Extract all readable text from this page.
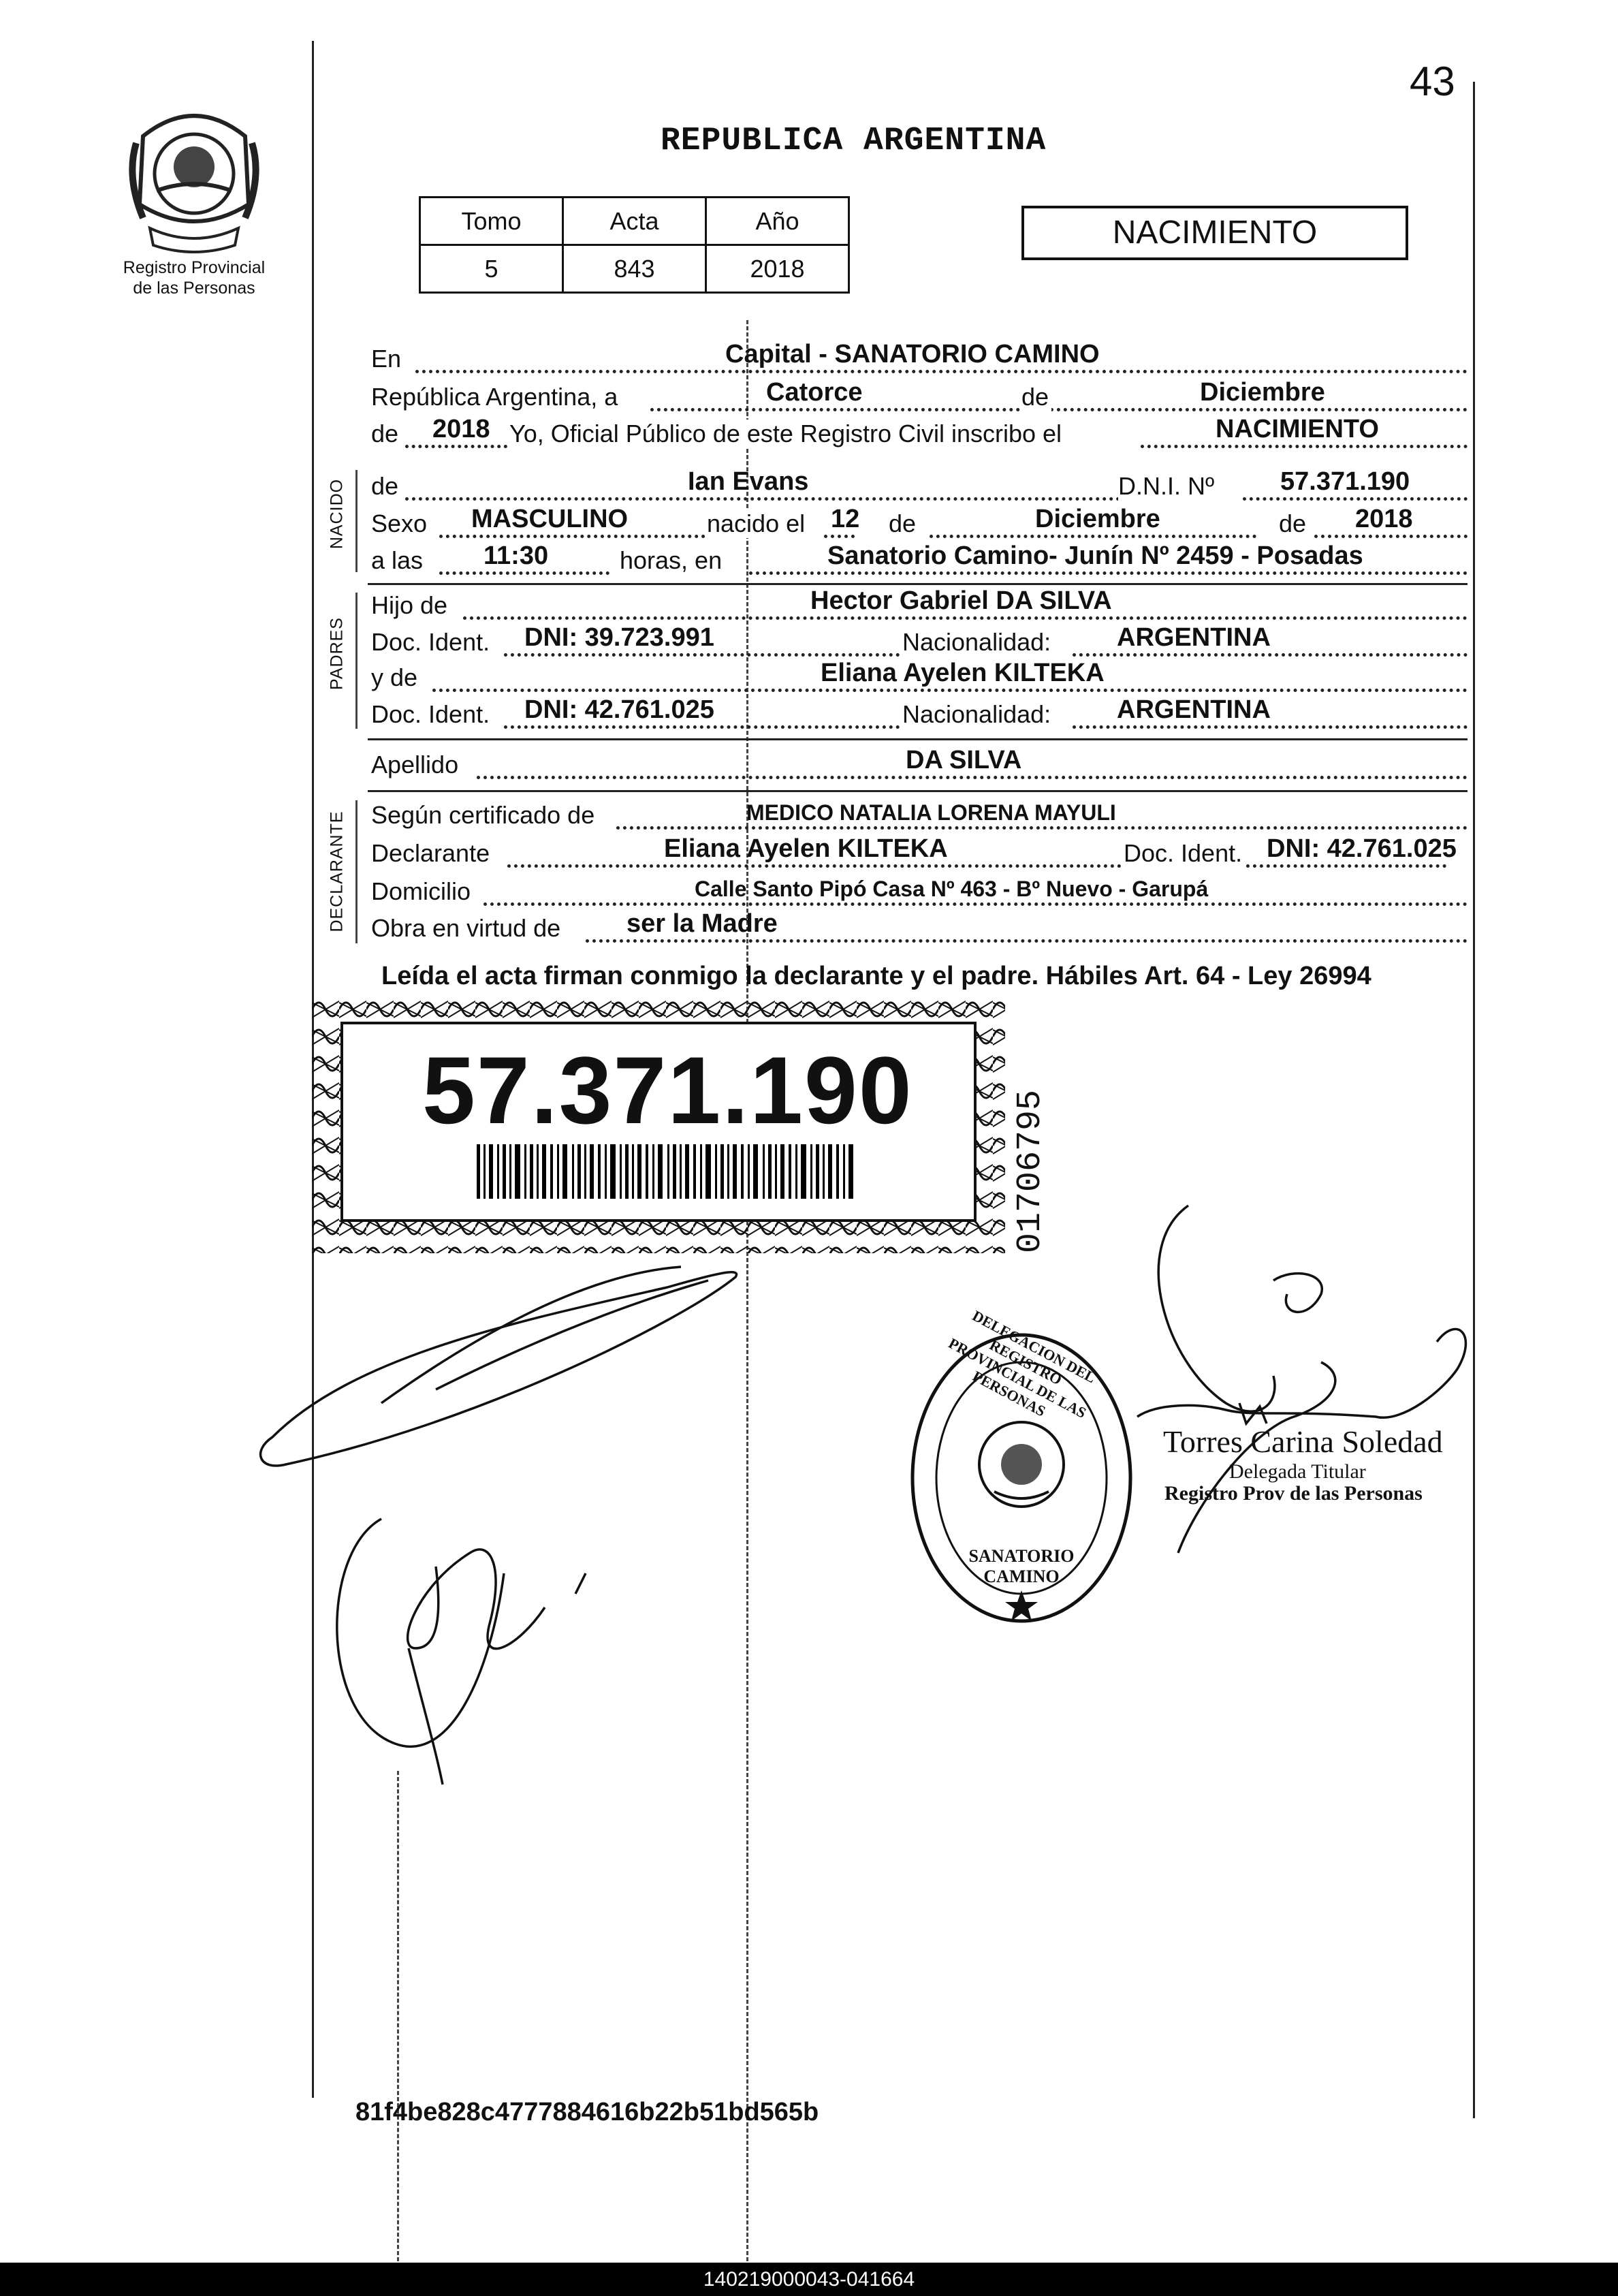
43
Registro Provincial
de las Personas
REPUBLICA ARGENTINA
Tomo	Acta	Año
5	843	2018
NACIMIENTO
En	Capital - SANATORIO CAMINO
República Argentina, a	Catorce	de	Diciembre
de 2018 Yo, Oficial Público de este Registro Civil inscribo el	NACIMIENTO
NACIDO de	Ian Evans	D.N.I. Nº	57.371.190
Sexo MASCULINO	nacido el 12 de	Diciembre	de 2018
a las 11:30	horas, en	Sanatorio Camino- Junín Nº 2459 - Posadas
PADRES
Hijo de	Hector Gabriel DA SILVA
Doc. Ident. DNI: 39.723.991	Nacionalidad:	ARGENTINA
y de	Eliana Ayelen KILTEKA
Doc. Ident. DNI: 42.761.025	Nacionalidad:	ARGENTINA
Apellido	DA SILVA
DECLARANTE Según certificado de	MEDICO NATALIA LORENA MAYULI
Declarante	Eliana Ayelen KILTEKA	Doc. Ident. DNI: 42.761.025
Domicilio	Calle Santo Pipó Casa Nº 463 - Bº Nuevo - Garupá
Obra en virtud de	ser la Madre
Leída el acta firman conmigo la declarante y el padre. Hábiles Art. 64 - Ley 26994
57.371.190	01706795
DELEGACION DEL REGISTRO PROVINCIAL DE LAS PERSONAS
SANATORIO CAMINO
Torres Carina Soledad
Delegada Titular
Registro Prov de las Personas
81f4be828c4777884616b22b51bd565b
140219000043-041664
